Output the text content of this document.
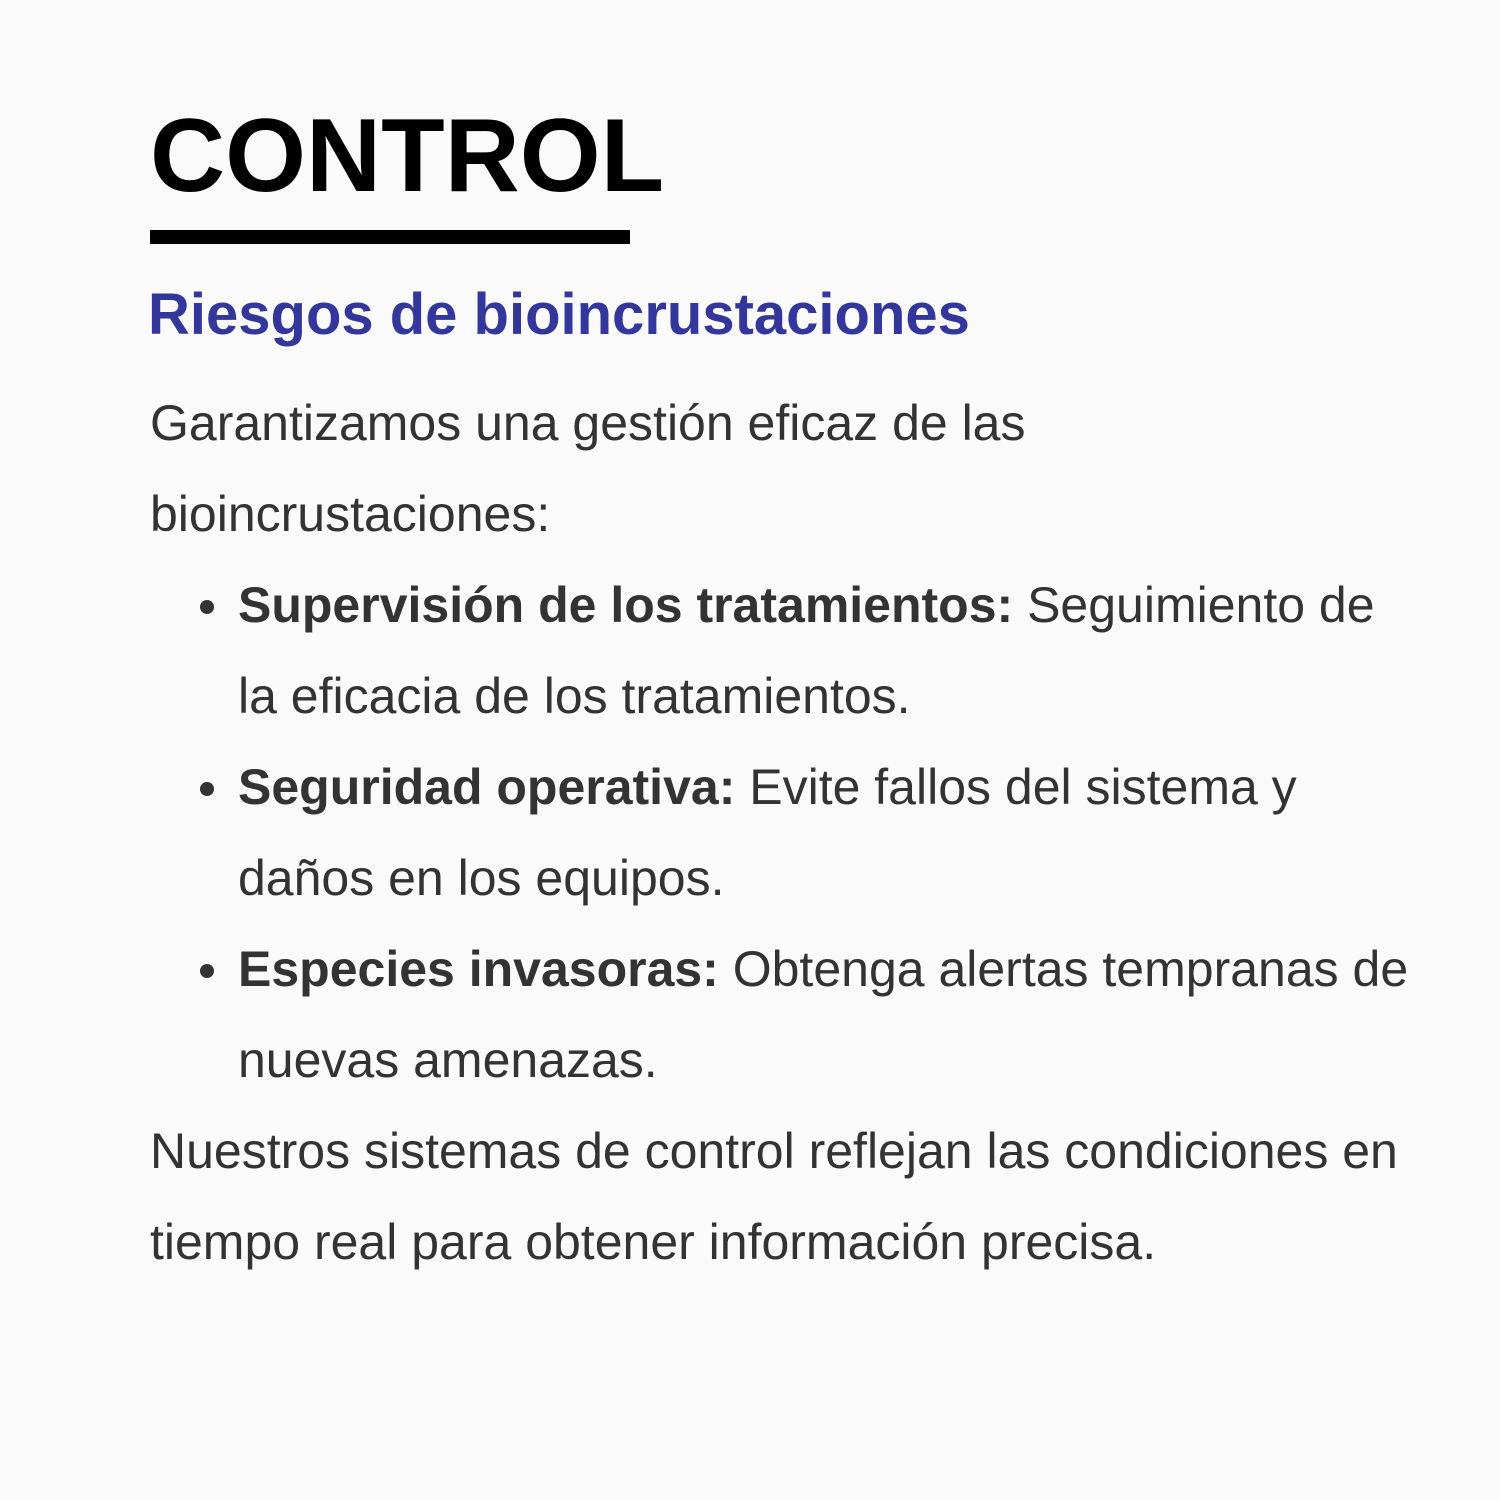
CONTROL
Riesgos de bioincrustaciones

Garantizamos una gestión eficaz de las bioincrustaciones:

Supervisión de los tratamientos: Seguimiento de la eficacia de los tratamientos.
Seguridad operativa: Evite fallos del sistema y daños en los equipos.
Especies invasoras: Obtenga alertas tempranas de nuevas amenazas.

Nuestros sistemas de control reflejan las condiciones en tiempo real para obtener información precisa.
